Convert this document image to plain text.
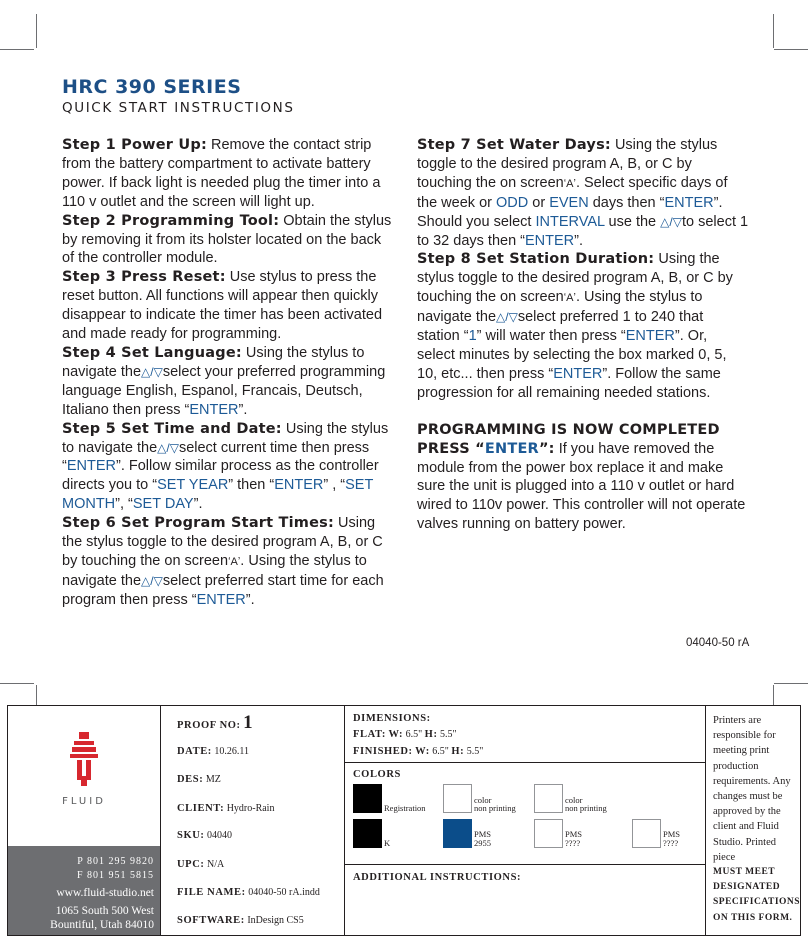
HRC 390 SERIES
QUICK START INSTRUCTIONS

Step 1 Power Up: Remove the contact strip from the battery compartment to activate battery power. If back light is needed plug the timer into a 110 v outlet and the screen will light up.

Step 2 Programming Tool: Obtain the stylus by removing it from its holster located on the back of the controller module.

Step 3 Press Reset: Use stylus to press the reset button. All functions will appear then quickly disappear to indicate the timer has been activated and made ready for programming.

Step 4 Set Language: Using the stylus to navigate the△/▽select your preferred programming language English, Espanol, Francais, Deutsch, Italiano then press “ENTER”.

Step 5 Set Time and Date: Using the stylus to navigate the△/▽select current time then press “ENTER”. Follow similar process as the controller directs you to “SET YEAR” then “ENTER” , “SET MONTH”, “SET DAY”.

Step 6 Set Program Start Times: Using the stylus toggle to the desired program A, B, or C by touching the on screenʻAʼ. Using the stylus to navigate the△/▽select preferred start time for each program then press “ENTER”.

Step 7 Set Water Days: Using the stylus toggle to the desired program A, B, or C by touching the on screenʻAʼ. Select specific days of the week or ODD or EVEN days then “ENTER”. Should you select INTERVAL use the △/▽to select 1 to 32 days then “ENTER”.

Step 8 Set Station Duration: Using the stylus toggle to the desired program A, B, or C by touching the on screenʻAʼ. Using the stylus to navigate the△/▽select preferred 1 to 240 that station “1” will water then press “ENTER”. Or, select minutes by selecting the box marked 0, 5, 10, etc... then press “ENTER”. Follow the same progression for all remaining needed stations.

PROGRAMMING IS NOW COMPLETED
PRESS “ENTER”: If you have removed the module from the power box replace it and make sure the unit is plugged into a 110 v outlet or hard wired to 110v power. This controller will not operate valves running on battery power.

04040-50 rA
FLUID
P 801 295 9820
F 801 951 5815
www.fluid-studio.net
1065 South 500 West
Bountiful, Utah 84010
PROOF NO: 1
DATE: 10.26.11
DES: MZ
CLIENT: Hydro-Rain
SKU: 04040
UPC: N/A
FILE NAME: 04040-50 rA.indd
SOFTWARE: InDesign CS5
DIMENSIONS:
FLAT: W: 6.5" H: 5.5"
FINISHED: W: 6.5" H: 5.5"
COLORS
Registration
color
non printing
color
non printing
K
PMS
2955
PMS
????
PMS
????
ADDITIONAL INSTRUCTIONS:
Printers are responsible for meeting print production requirements. Any changes must be approved by the client and Fluid Studio. Printed piece
MUST MEET DESIGNATED SPECIFICATIONS ON THIS FORM.
